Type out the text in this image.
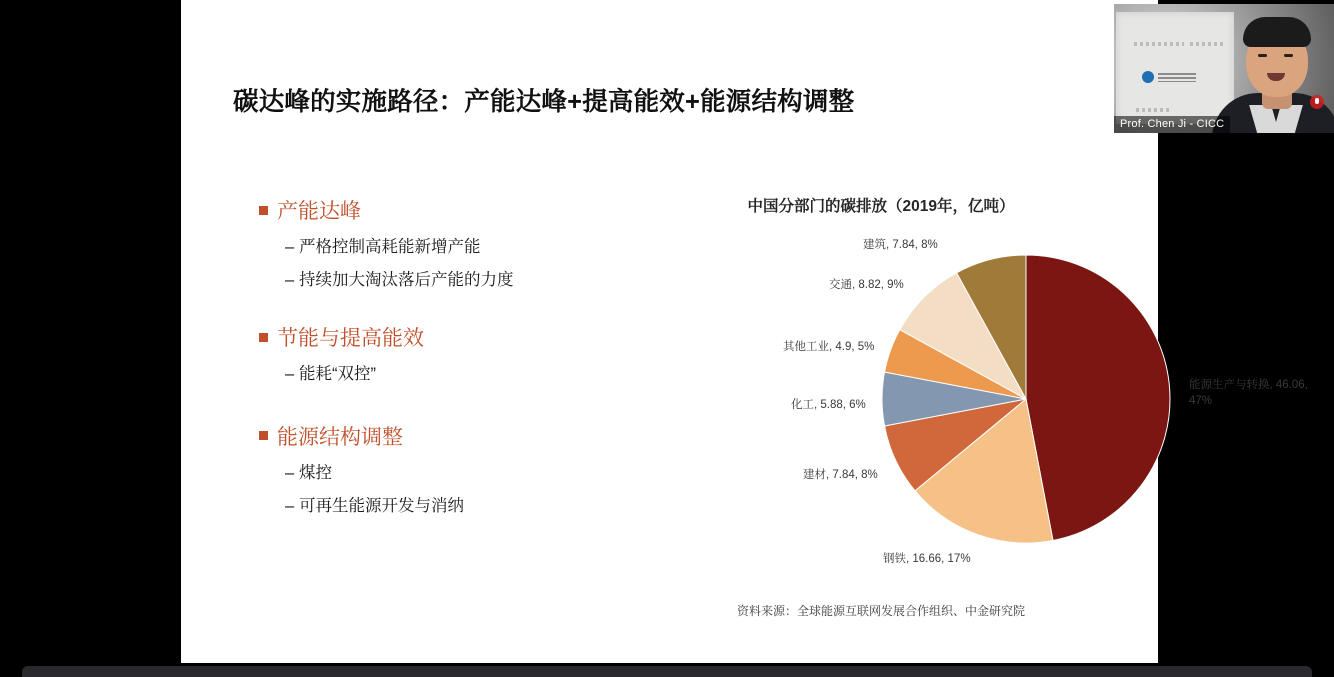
碳达峰的实施路径：产能达峰+提高能效+能源结构调整
产能达峰
– 严格控制高耗能新增产能
– 持续加大淘汰落后产能的力度
节能与提高能效
– 能耗“双控”
能源结构调整
– 煤控
– 可再生能源开发与消纳
中国分部门的碳排放（2019年，亿吨）
建筑, 7.84, 8%
交通, 8.82, 9%
其他工业, 4.9, 5%
化工, 5.88, 6%
建材, 7.84, 8%
钢铁, 16.66, 17%
能源生产与转换, 46.06, 47%
资料来源：全球能源互联网发展合作组织、中金研究院
Prof. Chen Ji - CICC
